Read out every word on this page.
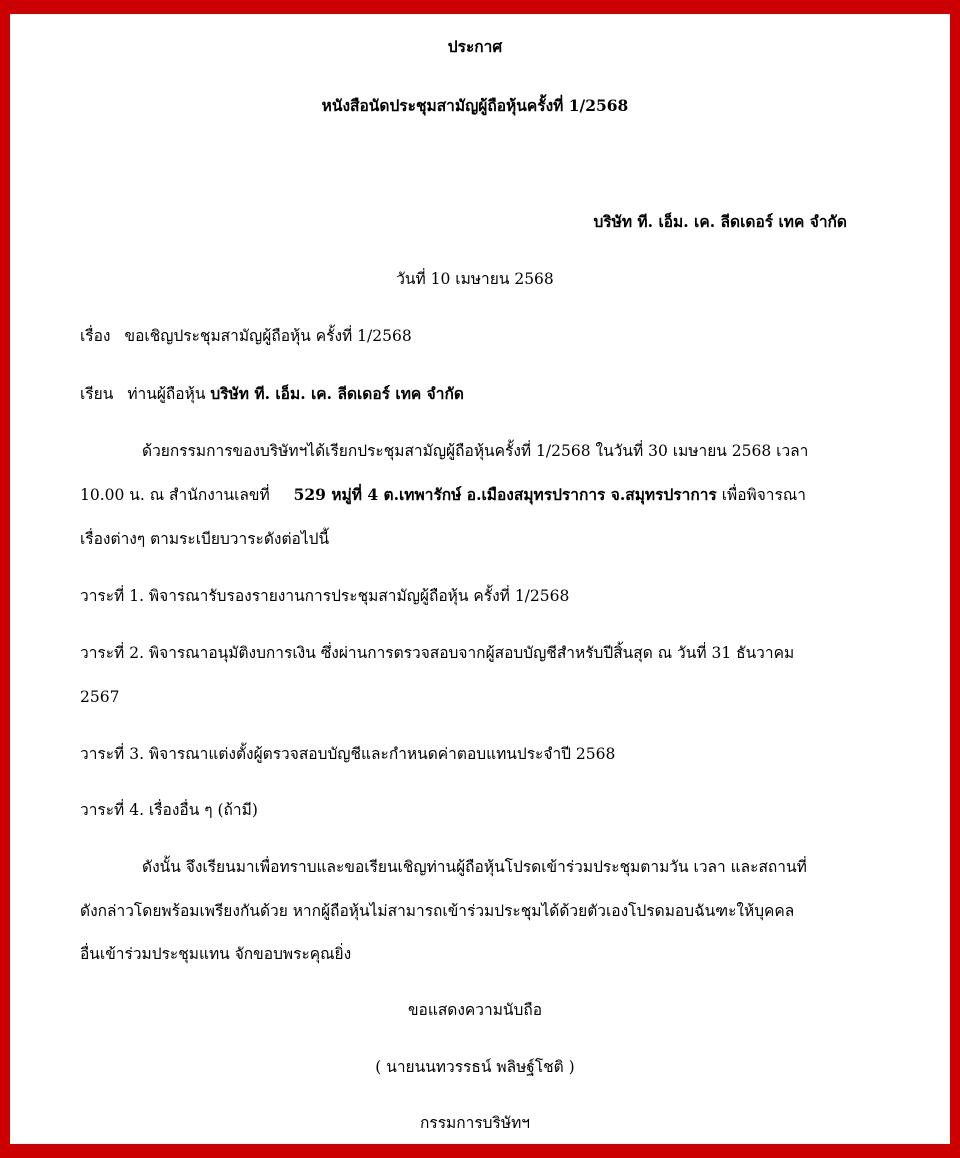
ประกาศ
หนังสือนัดประชุมสามัญผู้ถือหุ้นครั้งที่ 1/2568
บริษัท ที. เอ็ม. เค. ลีดเดอร์ เทค จำกัด
วันที่ 10 เมษายน 2568
เรื่อง ขอเชิญประชุมสามัญผู้ถือหุ้น ครั้งที่ 1/2568
เรียน ท่านผู้ถือหุ้น บริษัท ที. เอ็ม. เค. ลีดเดอร์ เทค จำกัด
ด้วยกรรมการของบริษัทฯได้เรียกประชุมสามัญผู้ถือหุ้นครั้งที่ 1/2568 ในวันที่ 30 เมษายน 2568 เวลา
10.00 น. ณ สำนักงานเลขที่ 529 หมู่ที่ 4 ต.เทพารักษ์ อ.เมืองสมุทรปราการ จ.สมุทรปราการ เพื่อพิจารณา
เรื่องต่างๆ ตามระเบียบวาระดังต่อไปนี้
วาระที่ 1. พิจารณารับรองรายงานการประชุมสามัญผู้ถือหุ้น ครั้งที่ 1/2568
วาระที่ 2. พิจารณาอนุมัติงบการเงิน ซึ่งผ่านการตรวจสอบจากผู้สอบบัญชีสำหรับปีสิ้นสุด ณ วันที่ 31 ธันวาคม
2567
วาระที่ 3. พิจารณาแต่งตั้งผู้ตรวจสอบบัญชีและกำหนดค่าตอบแทนประจำปี 2568
วาระที่ 4. เรื่องอื่น ๆ (ถ้ามี)
ดังนั้น จึงเรียนมาเพื่อทราบและขอเรียนเชิญท่านผู้ถือหุ้นโปรดเข้าร่วมประชุมตามวัน เวลา และสถานที่
ดังกล่าวโดยพร้อมเพรียงกันด้วย หากผู้ถือหุ้นไม่สามารถเข้าร่วมประชุมได้ด้วยตัวเองโปรดมอบฉันฑะให้บุคคล
อื่นเข้าร่วมประชุมแทน จักขอบพระคุณยิ่ง
ขอแสดงความนับถือ
( นายนนทวรรธน์ พลิษฐ์โชติ )
กรรมการบริษัทฯ
